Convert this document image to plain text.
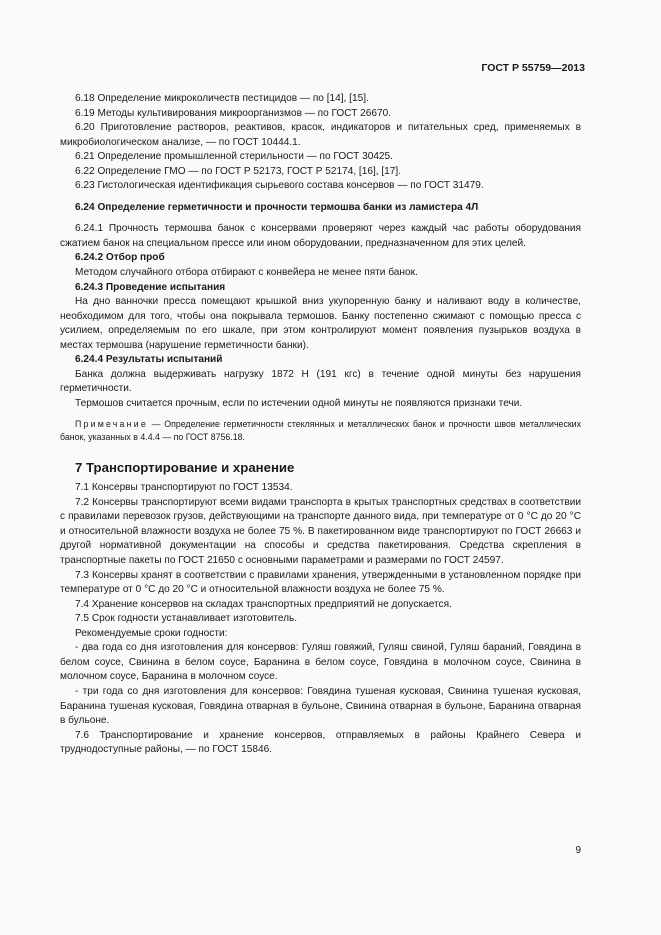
ГОСТ Р 55759—2013

6.18 Определение микроколичеств пестицидов — по [14], [15].

6.19 Методы культивирования микроорганизмов — по ГОСТ 26670.

6.20 Приготовление растворов, реактивов, красок, индикаторов и питательных сред, применяемых в микробиологическом анализе, — по ГОСТ 10444.1.

6.21 Определение промышленной стерильности — по ГОСТ 30425.

6.22 Определение ГМО — по ГОСТ Р 52173, ГОСТ Р 52174, [16], [17].

6.23 Гистологическая идентификация сырьевого состава консервов — по ГОСТ 31479.

6.24 Определение герметичности и прочности термошва банки из ламистера 4Л

6.24.1 Прочность термошва банок с консервами проверяют через каждый час работы оборудования сжатием банок на специальном прессе или ином оборудовании, предназначенном для этих целей.

6.24.2 Отбор проб

Методом случайного отбора отбирают с конвейера не менее пяти банок.

6.24.3 Проведение испытания

На дно ванночки пресса помещают крышкой вниз укупоренную банку и наливают воду в количестве, необходимом для того, чтобы она покрывала термошов. Банку постепенно сжимают с помощью пресса с усилием, определяемым по его шкале, при этом контролируют момент появления пузырьков воздуха в местах термошва (нарушение герметичности банки).

6.24.4 Результаты испытаний

Банка должна выдерживать нагрузку 1872 Н (191 кгс) в течение одной минуты без нарушения герметичности.

Термошов считается прочным, если по истечении одной минуты не появляются признаки течи.

Примечание — Определение герметичности стеклянных и металлических банок и прочности швов металлических банок, указанных в 4.4.4 — по ГОСТ 8756.18.

7 Транспортирование и хранение

7.1 Консервы транспортируют по ГОСТ 13534.

7.2 Консервы транспортируют всеми видами транспорта в крытых транспортных средствах в соответствии с правилами перевозок грузов, действующими на транспорте данного вида, при температуре от 0 °С до 20 °С и относительной влажности воздуха не более 75 %. В пакетированном виде транспортируют по ГОСТ 26663 и другой нормативной документации на способы и средства пакетирования. Средства скрепления в транспортные пакеты по ГОСТ 21650 с основными параметрами и размерами по ГОСТ 24597.

7.3 Консервы хранят в соответствии с правилами хранения, утвержденными в установленном порядке при температуре от 0 °С до 20 °С и относительной влажности воздуха не более 75 %.

7.4 Хранение консервов на складах транспортных предприятий не допускается.

7.5 Срок годности устанавливает изготовитель.

Рекомендуемые сроки годности:

- два года со дня изготовления для консервов: Гуляш говяжий, Гуляш свиной, Гуляш бараний, Говядина в белом соусе, Свинина в белом соусе, Баранина в белом соусе, Говядина в молочном соусе, Свинина в молочном соусе, Баранина в молочном соусе.

- три года со дня изготовления для консервов: Говядина тушеная кусковая, Свинина тушеная кусковая, Баранина тушеная кусковая, Говядина отварная в бульоне, Свинина отварная в бульоне, Баранина отварная в бульоне.

7.6 Транспортирование и хранение консервов, отправляемых в районы Крайнего Севера и труднодоступные районы, — по ГОСТ 15846.

9
